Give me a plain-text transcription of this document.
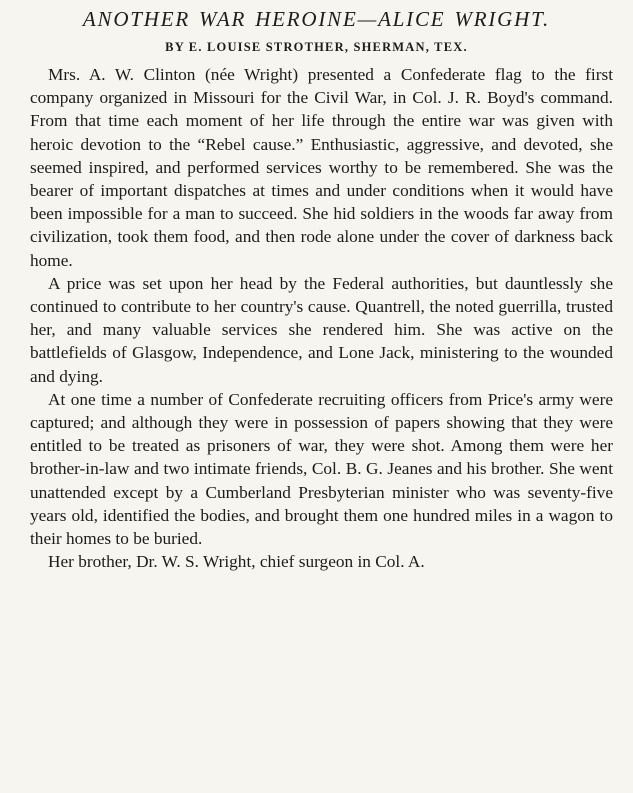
ANOTHER WAR HEROINE—ALICE WRIGHT.
BY E. LOUISE STROTHER, SHERMAN, TEX.

Mrs. A. W. Clinton (née Wright) presented a Confederate flag to the first company organized in Missouri for the Civil War, in Col. J. R. Boyd's command. From that time each moment of her life through the entire war was given with heroic devotion to the “Rebel cause.” Enthusiastic, aggressive, and devoted, she seemed inspired, and performed services worthy to be remembered. She was the bearer of important dispatches at times and under conditions when it would have been impossible for a man to succeed. She hid soldiers in the woods far away from civilization, took them food, and then rode alone under the cover of darkness back home.

A price was set upon her head by the Federal authorities, but dauntlessly she continued to contribute to her country's cause. Quantrell, the noted guerrilla, trusted her, and many valuable services she rendered him. She was active on the battlefields of Glasgow, Independence, and Lone Jack, ministering to the wounded and dying.

At one time a number of Confederate recruiting officers from Price's army were captured; and although they were in possession of papers showing that they were entitled to be treated as prisoners of war, they were shot. Among them were her brother-in-law and two intimate friends, Col. B. G. Jeanes and his brother. She went unattended except by a Cumberland Presbyterian minister who was seventy-five years old, identified the bodies, and brought them one hundred miles in a wagon to their homes to be buried.

Her brother, Dr. W. S. Wright, chief surgeon in Col. A.
